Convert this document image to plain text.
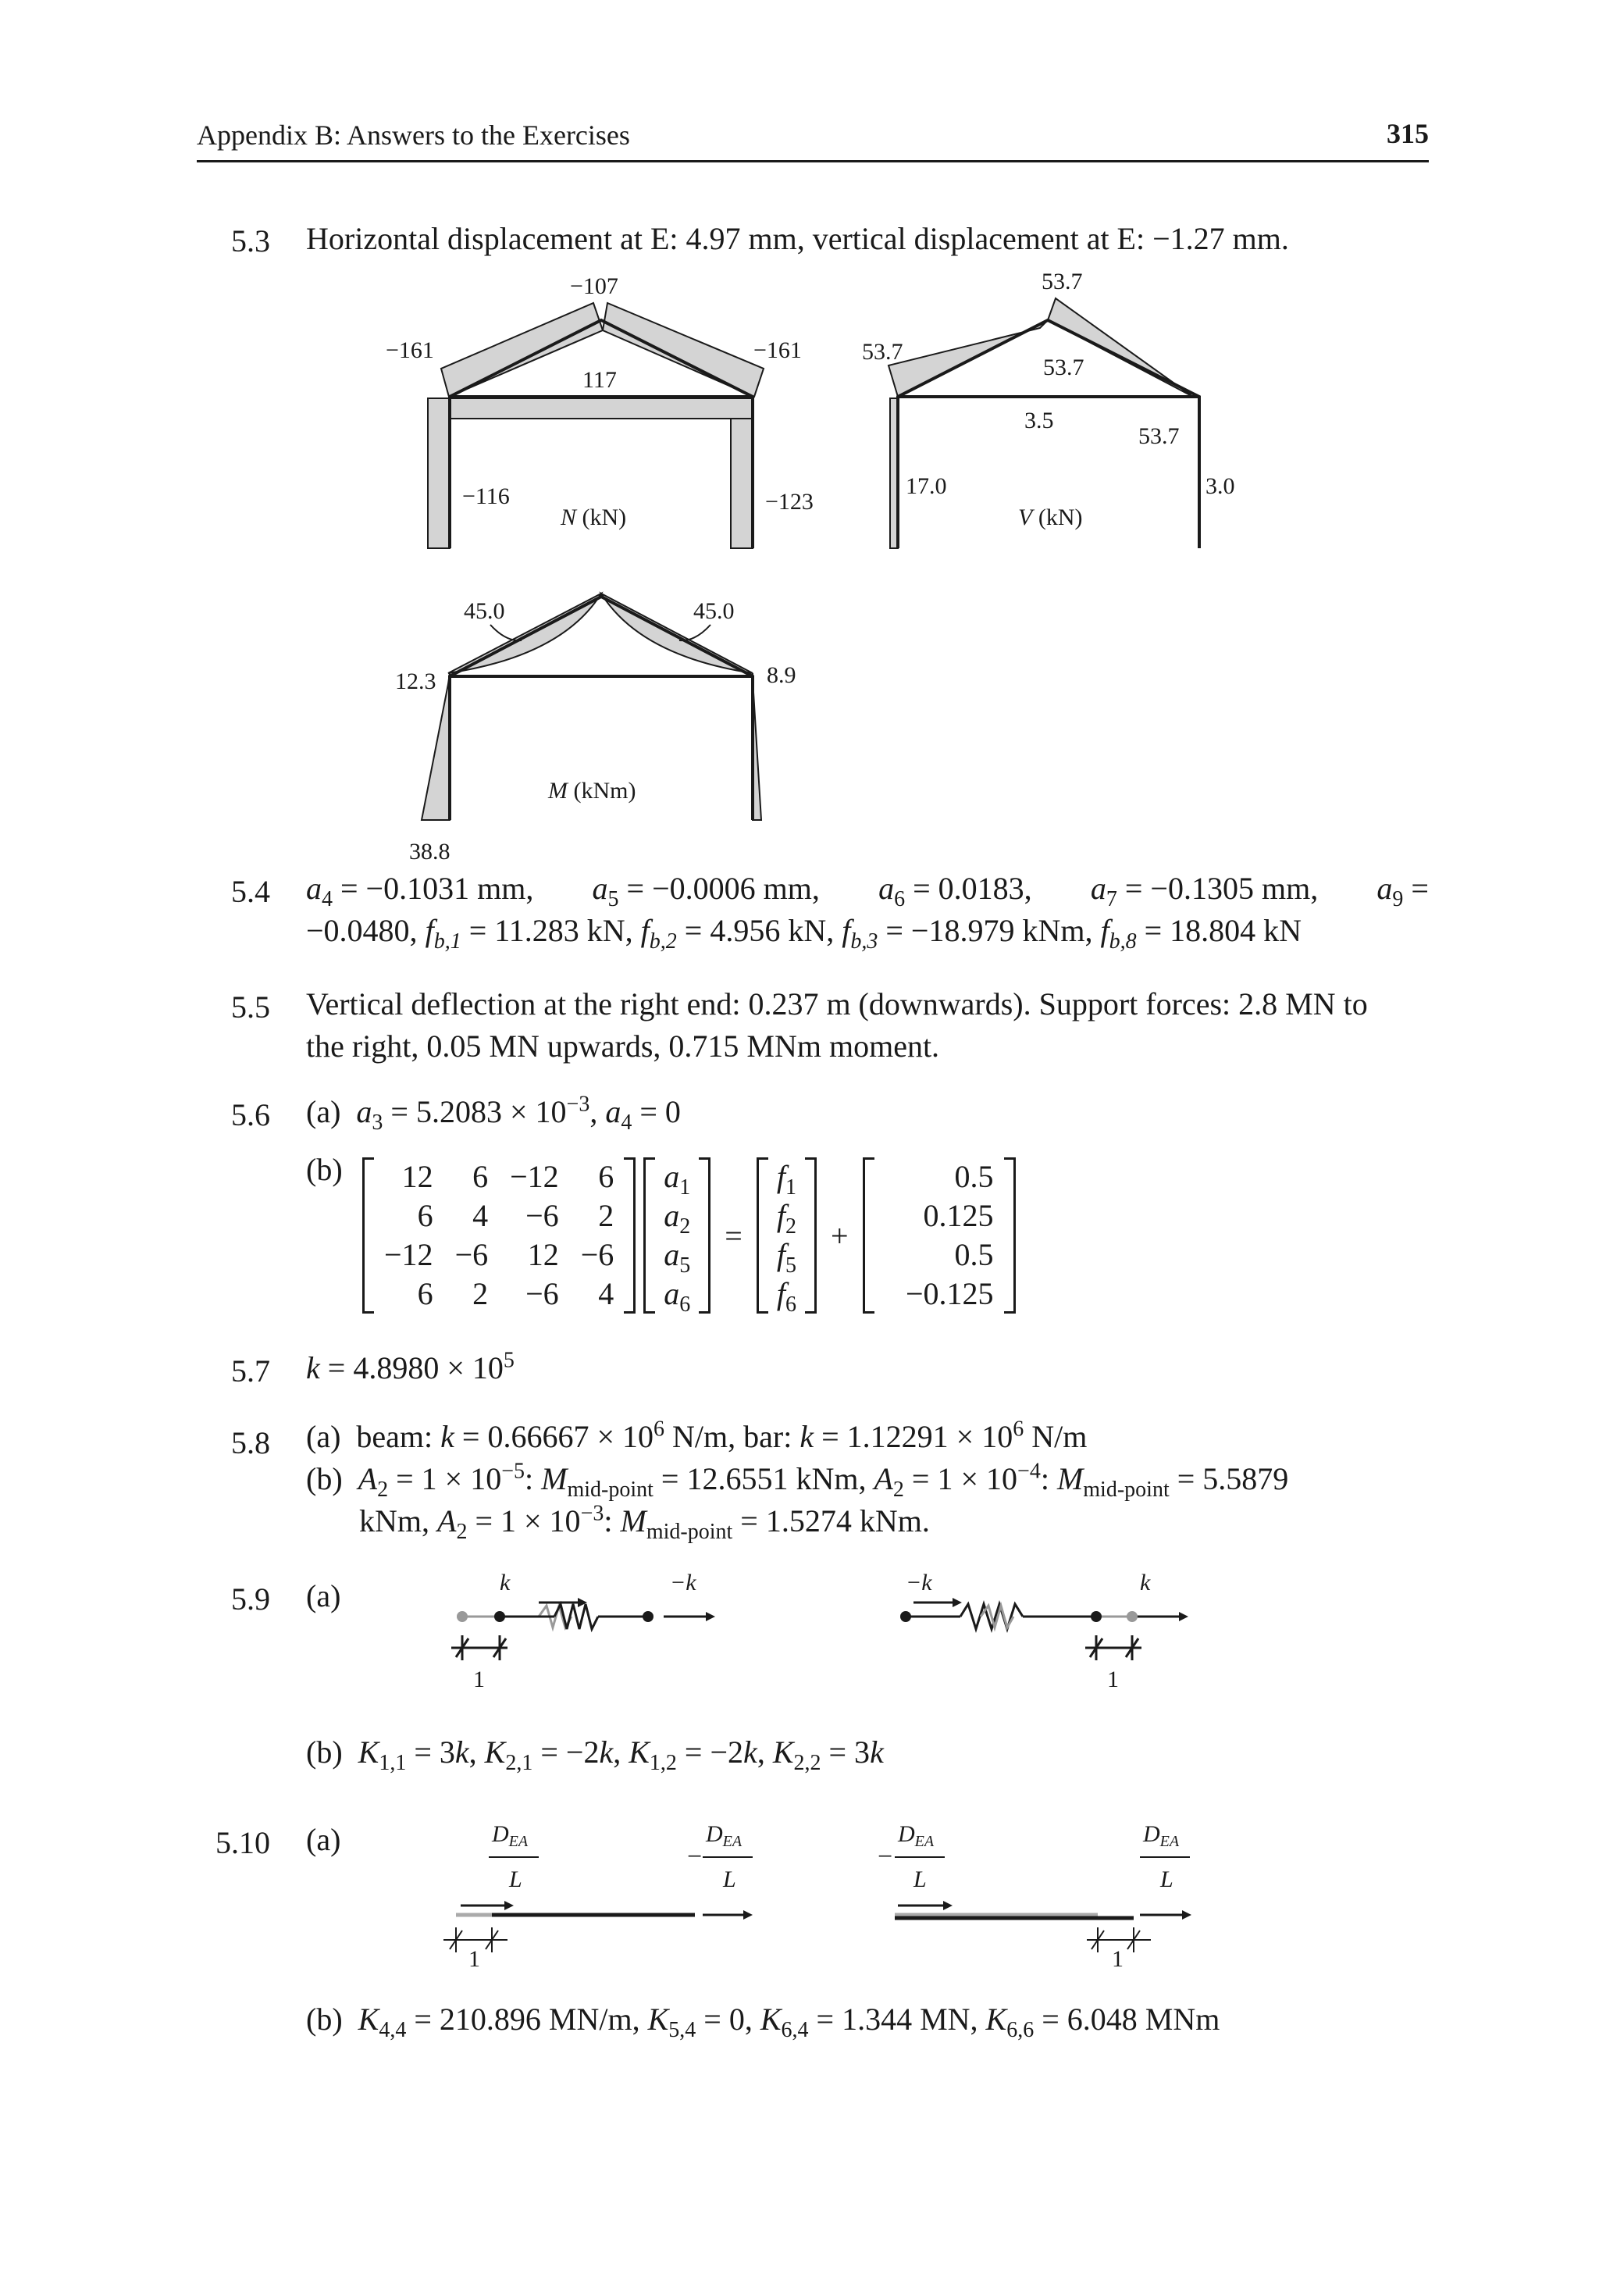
Appendix B: Answers to the Exercises	315
5.3 Horizontal displacement at E: 4.97 mm, vertical displacement at E: −1.27 mm.
−107
−161	−161
117
−116	−123
N (kN)
53.7
53.7
53.7
3.5
53.7
17.0	3.0
V (kN)
45.0	45.0
12.3	8.9
38.8
M (kNm)
5.4 $a_4 = -0.1031$ mm, $a_5 = -0.0006$ mm, $a_6 = 0.0183$, $a_7 = -0.1305$ mm, $a_9$ =
−0.0480, $f_{b,1} = 11.283$ kN, $f_{b,2} = 4.956$ kN, $f_{b,3} = -18.979$ kNm, $f_{b,8} = 18.804$ kN
5.5 Vertical deflection at the right end: 0.237 m (downwards). Support forces: 2.8 MN to
the right, 0.05 MN upwards, 0.715 MNm moment.
5.6 (a) $a_3 = 5.2083 \times 10^{-3}$, $a_4 = 0$
(b) 12	6	−12	6
6	4	−6	2
−12	−6	12	−6
6	2	−6	4
$a_1$
$a_2$
$a_5$
$a_6$
=
$f_1$
$f_2$
$f_5$
$f_6$
+
0.5
0.125
0.5
−0.125
5.7 $k = 4.8980 \times 10^5$
5.8 (a) beam: $k = 0.66667 \times 10^6$ N/m, bar: $k = 1.12291 \times 10^6$ N/m
(b) $A_2 = 1 \times 10^{-5}$: $M_{mid-point} = 12.6551$ kNm, $A_2 = 1 \times 10^{-4}$: $M_{mid-point} = 5.5879$
kNm, $A_2 = 1 \times 10^{-3}$: $M_{mid-point} = 1.5274$ kNm.
5.9 (a)	k	−k
1
−k	k
1
(b) $K_{1,1} = 3k$, $K_{2,1} = -2k$, $K_{1,2} = -2k$, $K_{2,2} = 3k$
5.10 (a)	$D_{EA}$
L
$D_{EA}$
L
$D_{EA}$
L
$D_{EA}$
L
−	−
1	1
(b) $K_{4,4} = 210.896$ MN/m, $K_{5,4} = 0$, $K_{6,4} = 1.344$ MN, $K_{6,6} = 6.048$ MNm
